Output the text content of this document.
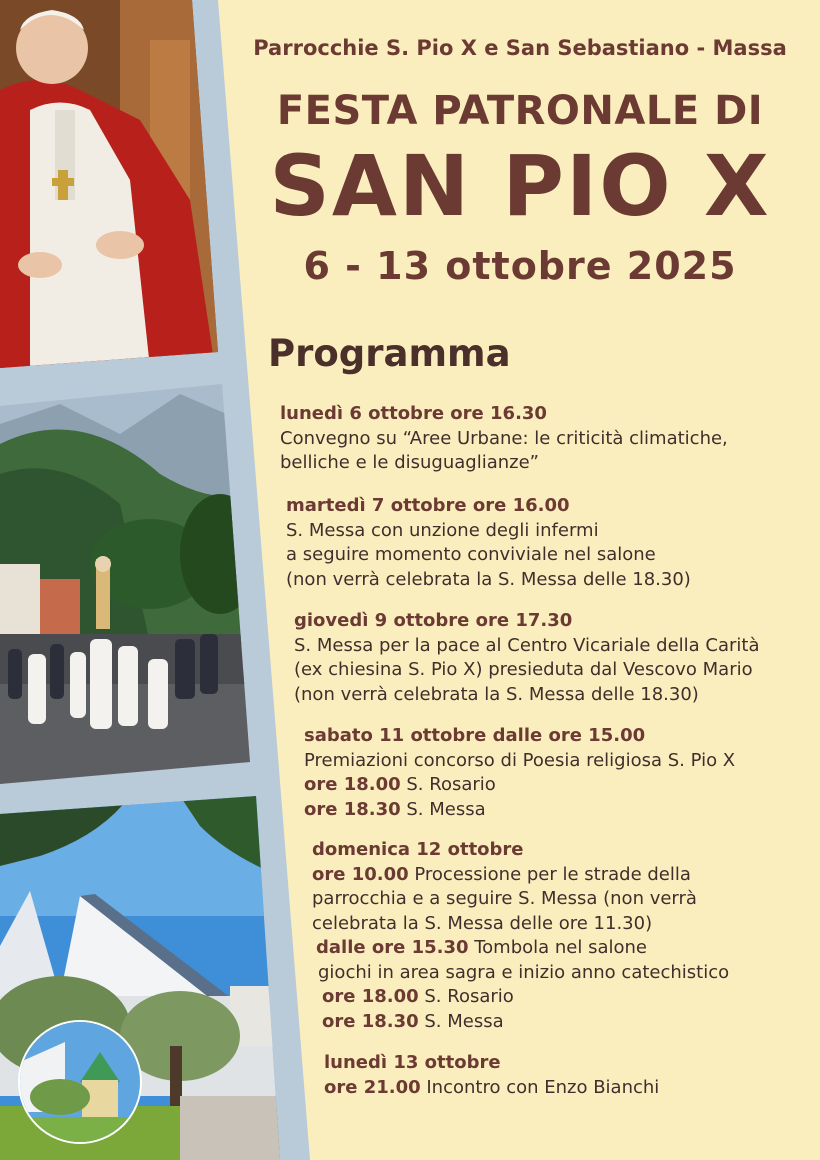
Parrocchie S. Pio X e San Sebastiano - Massa

FESTA PATRONALE DI

SAN PIO X

6 - 13 ottobre 2025

Programma
lunedì 6 ottobre ore 16.30
Convegno su “Aree Urbane: le criticità climatiche,
belliche e le disuguaglianze”
martedì 7 ottobre ore 16.00
S. Messa con unzione degli infermi
a seguire momento conviviale nel salone
(non verrà celebrata la S. Messa delle 18.30)
giovedì 9 ottobre ore 17.30
S. Messa per la pace al Centro Vicariale della Carità
(ex chiesina S. Pio X) presieduta dal Vescovo Mario
(non verrà celebrata la S. Messa delle 18.30)
sabato 11 ottobre dalle ore 15.00
Premiazioni concorso di Poesia religiosa S. Pio X
ore 18.00 S. Rosario
ore 18.30 S. Messa
domenica 12 ottobre
ore 10.00 Processione per le strade della
parrocchia e a seguire S. Messa (non verrà
celebrata la S. Messa delle ore 11.30)
dalle ore 15.30 Tombola nel salone
giochi in area sagra e inizio anno catechistico
ore 18.00 S. Rosario
ore 18.30 S. Messa
lunedì 13 ottobre
ore 21.00 Incontro con Enzo Bianchi
